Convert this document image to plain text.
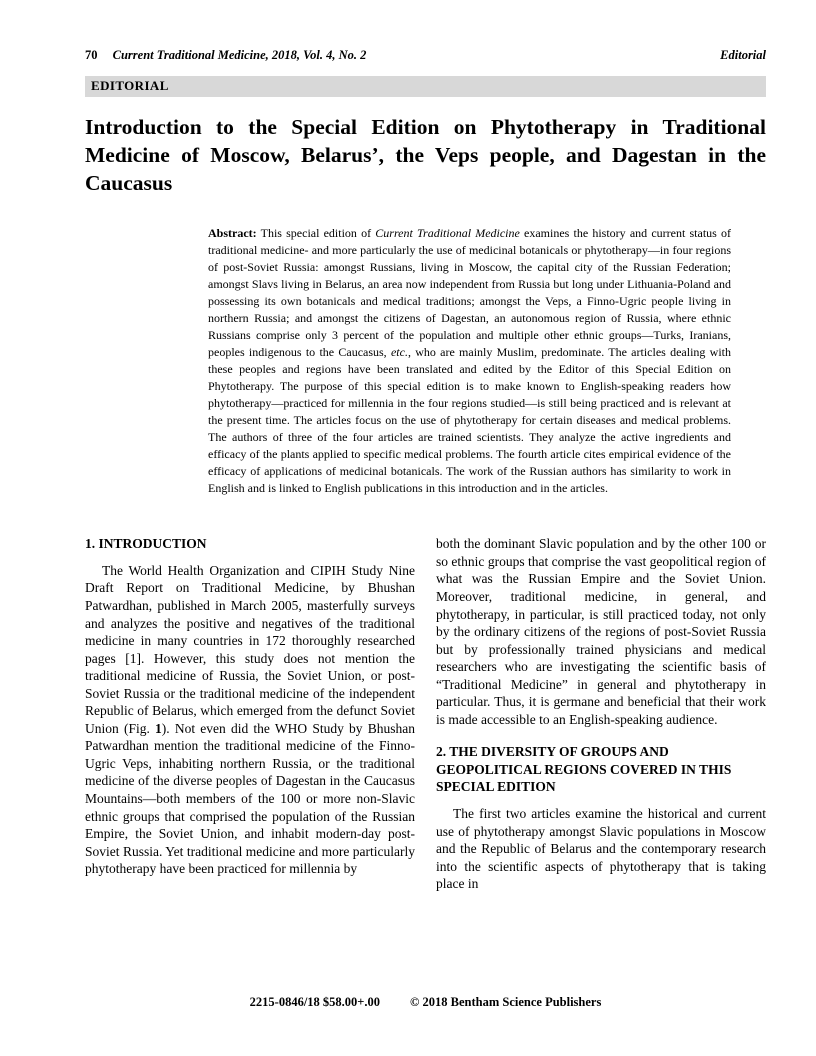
70 Current Traditional Medicine, 2018, Vol. 4, No. 2	Editorial
EDITORIAL
Introduction to the Special Edition on Phytotherapy in Traditional Medicine of Moscow, Belarus’, the Veps people, and Dagestan in the Caucasus

Abstract: This special edition of Current Traditional Medicine examines the history and current status of traditional medicine- and more particularly the use of medicinal botanicals or phytotherapy—in four regions of post-Soviet Russia: amongst Russians, living in Moscow, the capital city of the Russian Federation; amongst Slavs living in Belarus, an area now independent from Russia but long under Lithuania-Poland and possessing its own botanicals and medical traditions; amongst the Veps, a Finno-Ugric people living in northern Russia; and amongst the citizens of Dagestan, an autonomous region of Russia, where ethnic Russians comprise only 3 percent of the population and multiple other ethnic groups—Turks, Iranians, peoples indigenous to the Caucasus, etc., who are mainly Muslim, predominate. The articles dealing with these peoples and regions have been translated and edited by the Editor of this Special Edition on Phytotherapy. The purpose of this special edition is to make known to English-speaking readers how phytotherapy—practiced for millennia in the four regions studied—is still being practiced and is relevant at the present time. The articles focus on the use of phytotherapy for certain diseases and medical problems. The authors of three of the four articles are trained scientists. They analyze the active ingredients and efficacy of the plants applied to specific medical problems. The fourth article cites empirical evidence of the efficacy of applications of medicinal botanicals. The work of the Russian authors has similarity to work in English and is linked to English publications in this introduction and in the articles.

1. INTRODUCTION

The World Health Organization and CIPIH Study Nine Draft Report on Traditional Medicine, by Bhushan Patwardhan, published in March 2005, masterfully surveys and analyzes the positive and negatives of the traditional medicine in many countries in 172 thoroughly researched pages [1]. However, this study does not mention the traditional medicine of Russia, the Soviet Union, or post-Soviet Russia or the traditional medicine of the independent Republic of Belarus, which emerged from the defunct Soviet Union (Fig. 1). Not even did the WHO Study by Bhushan Patwardhan mention the traditional medicine of the Finno-Ugric Veps, inhabiting northern Russia, or the traditional medicine of the diverse peoples of Dagestan in the Caucasus Mountains—both members of the 100 or more non-Slavic ethnic groups that comprised the population of the Russian Empire, the Soviet Union, and inhabit modern-day post-Soviet Russia. Yet traditional medicine and more particularly phytotherapy have been practiced for millennia by

both the dominant Slavic population and by the other 100 or so ethnic groups that comprise the vast geopolitical region of what was the Russian Empire and the Soviet Union. Moreover, traditional medicine, in general, and phytotherapy, in particular, is still practiced today, not only by the ordinary citizens of the regions of post-Soviet Russia but by professionally trained physicians and medical researchers who are investigating the scientific basis of “Traditional Medicine” in general and phytotherapy in particular. Thus, it is germane and beneficial that their work is made accessible to an English-speaking audience.

2. THE DIVERSITY OF GROUPS AND GEOPOLITICAL REGIONS COVERED IN THIS SPECIAL EDITION

The first two articles examine the historical and current use of phytotherapy amongst Slavic populations in Moscow and the Republic of Belarus and the contemporary research into the scientific aspects of phytotherapy that is taking place in

2215-0846/18 $58.00+.00 © 2018 Bentham Science Publishers
